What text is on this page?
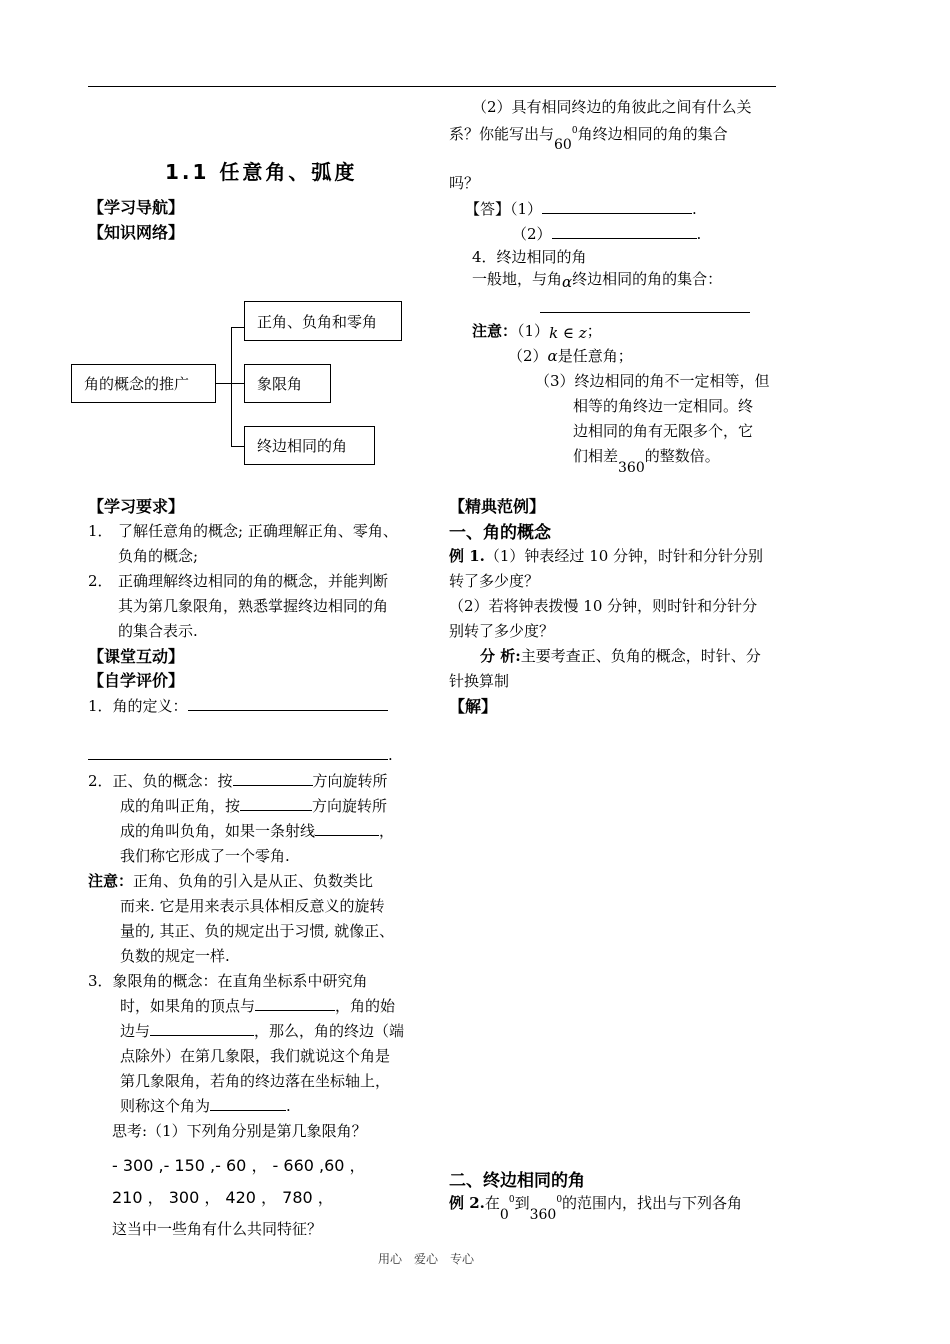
1.1 任意角、弧度
【学习导航】
【知识网络】
角的概念的推广
正角、负角和零角
象限角
终边相同的角
【学习要求】
1． 了解任意角的概念; 正确理解正角、零角、
负角的概念;
2． 正确理解终边相同的角的概念，并能判断
其为第几象限角，熟悉掌握终边相同的角
的集合表示.
【课堂互动】
【自学评价】
1．角的定义：
.
2．正、负的概念：按	方向旋转所
成的角叫正角，按	方向旋转所
成的角叫负角，如果一条射线	，
我们称它形成了一个零角.
注意：正角、负角的引入是从正、负数类比
而来. 它是用来表示具体相反意义的旋转
量的, 其正、负的规定出于习惯, 就像正、
负数的规定一样.
3．象限角的概念：在直角坐标系中研究角
时，如果角的顶点与	，角的始
边与	，那么，角的终边（端
点除外）在第几象限，我们就说这个角是
第几象限角，若角的终边落在坐标轴上，
则称这个角为	.
思考:（1）下列角分别是第几象限角？
- 300 ,- 150 ,- 60 ， - 660 ,60 ，
210 ， 300 ， 420 ， 780 ，
这当中一些角有什么共同特征？
（2）具有相同终边的角彼此之间有什么关
系？你能写出与$60^0$角终边相同的角的集合
吗？
【答】（1）	.
（2）	.
4．终边相同的角
一般地，与角α终边相同的角的集合：
注意：（1）k ∈ z；
（2）α是任意角；
（3）终边相同的角不一定相等，但
相等的角终边一定相同。终
边相同的角有无限多个，它
们相差360的整数倍。
【精典范例】
一、角的概念
例 1.（1）钟表经过 10 分钟，时针和分针分别
转了多少度？
（2）若将钟表拨慢 10 分钟，则时针和分针分
别转了多少度？
分 析:主要考查正、负角的概念，时针、分
针换算制
【解】
二、终边相同的角
例 2.在$0^0$到$360^0$的范围内，找出与下列各角
用心　爱心　专心
